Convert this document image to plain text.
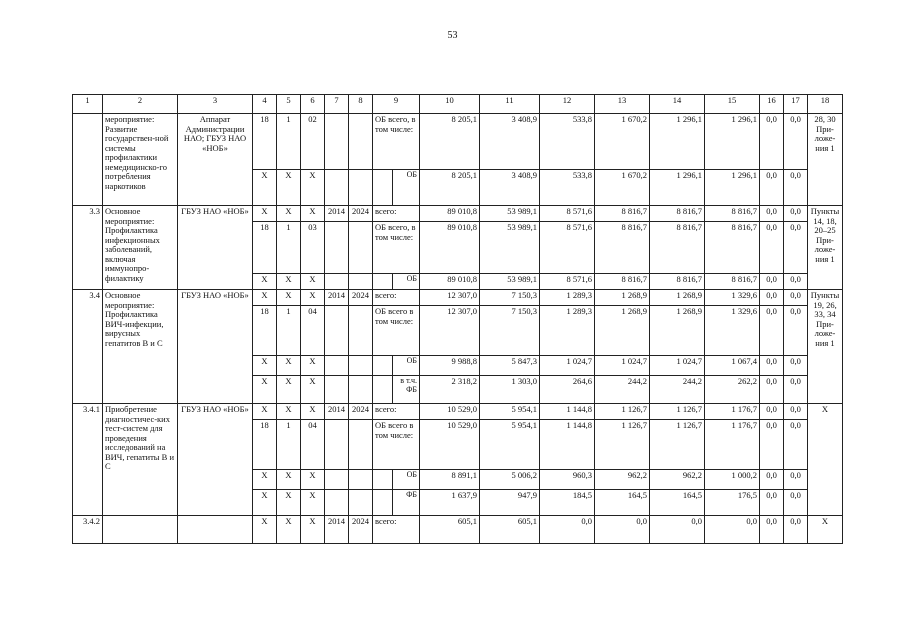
53
1	2	3	4	5	6	7	8	9		10	11	12	13	14	15	16	17	18
	мероприятие: Развитие государствен-ной системы профилактики немедицинско-го потребления наркотиков	Аппарат Администрации НАО; ГБУЗ НАО «НОБ»	18	1	02			ОБ всего, в том числе:		8 205,1	3 408,9	533,8	1 670,2	1 296,1	1 296,1	0,0	0,0	28, 30 При-ложе-ния 1
			X	X	X				ОБ	8 205,1	3 408,9	533,8	1 670,2	1 296,1	1 296,1	0,0	0,0	
3.3	Основное мероприятие: Профилактика инфекционных заболеваний, включая иммунопро-филактику	ГБУЗ НАО «НОБ»	X	X	X	2014	2024	всего:		89 010,8	53 989,1	8 571,6	8 816,7	8 816,7	8 816,7	0,0	0,0	Пункты 14, 18, 20–25 При-ложе-ния 1
			18	1	03			ОБ всего, в том числе:		89 010,8	53 989,1	8 571,6	8 816,7	8 816,7	8 816,7	0,0	0,0	
			X	X	X				ОБ	89 010,8	53 989,1	8 571,6	8 816,7	8 816,7	8 816,7	0,0	0,0	
3.4	Основное мероприятие: Профилактика ВИЧ-инфекции, вирусных гепатитов В и С	ГБУЗ НАО «НОБ»	X	X	X	2014	2024	всего:		12 307,0	7 150,3	1 289,3	1 268,9	1 268,9	1 329,6	0,0	0,0	Пункты 19, 26, 33, 34 При-ложе-ния 1
			18	1	04			ОБ всего в том числе:		12 307,0	7 150,3	1 289,3	1 268,9	1 268,9	1 329,6	0,0	0,0	
			X	X	X				ОБ	9 988,8	5 847,3	1 024,7	1 024,7	1 024,7	1 067,4	0,0	0,0	
			X	X	X				в т.ч. ФБ	2 318,2	1 303,0	264,6	244,2	244,2	262,2	0,0	0,0	
3.4.1	Приобретение диагностичес-ких тест-систем для проведения исследований на ВИЧ, гепатиты В и С	ГБУЗ НАО «НОБ»	X	X	X	2014	2024	всего:		10 529,0	5 954,1	1 144,8	1 126,7	1 126,7	1 176,7	0,0	0,0	X
			18	1	04			ОБ всего в том числе:		10 529,0	5 954,1	1 144,8	1 126,7	1 126,7	1 176,7	0,0	0,0	
			X	X	X				ОБ	8 891,1	5 006,2	960,3	962,2	962,2	1 000,2	0,0	0,0	
			X	X	X				ФБ	1 637,9	947,9	184,5	164,5	164,5	176,5	0,0	0,0	
3.4.2			X	X	X	2014	2024	всего:		605,1	605,1	0,0	0,0	0,0	0,0	0,0	0,0	X
